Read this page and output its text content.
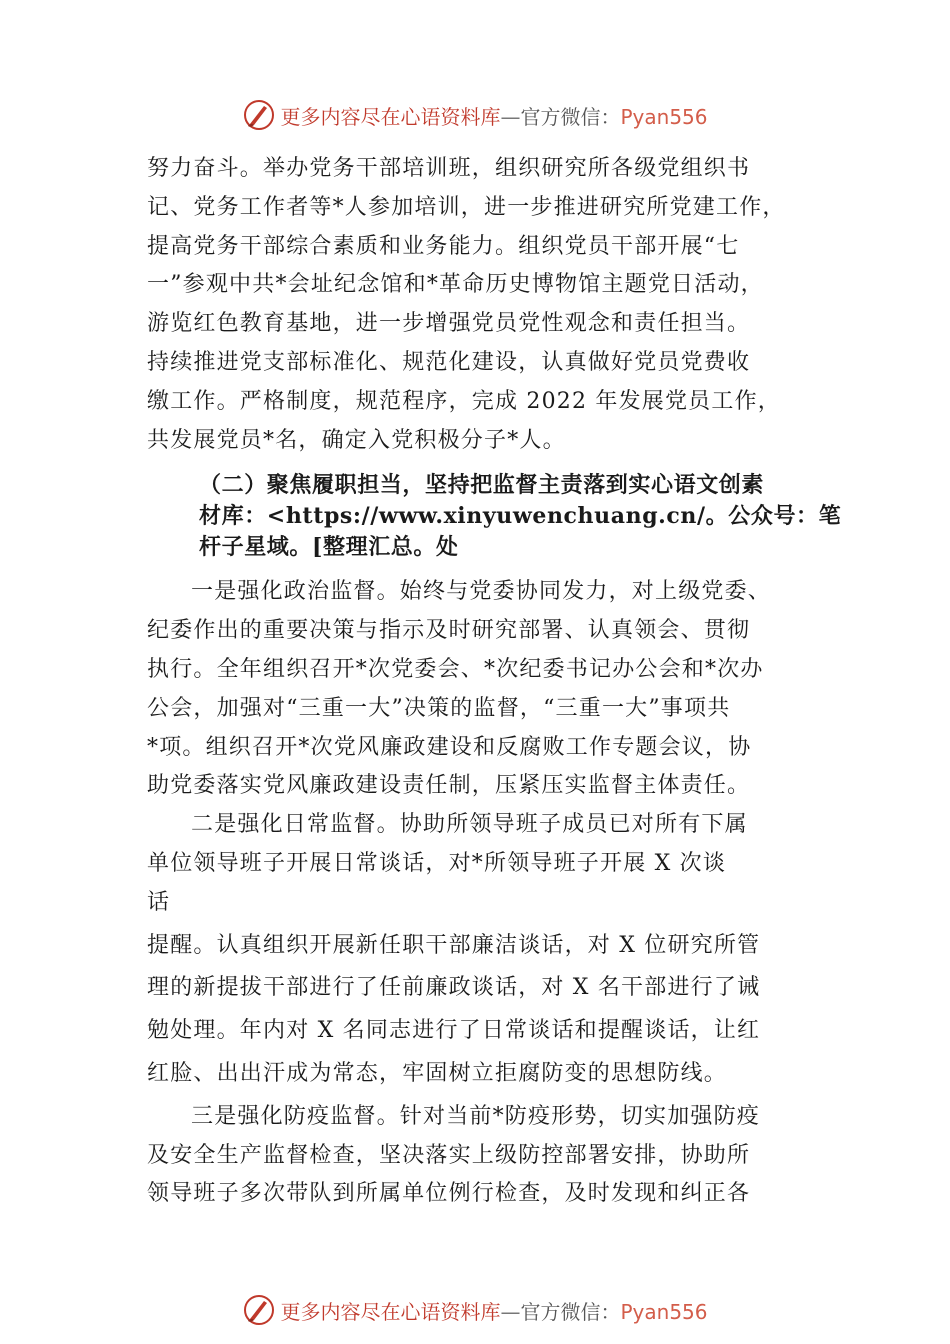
更多内容尽在心语资料库—官方微信：Pyan556
努力奋斗。举办党务干部培训班，组织研究所各级党组织书
记、党务工作者等*人参加培训，进一步推进研究所党建工作，
提高党务干部综合素质和业务能力。组织党员干部开展“七
一”参观中共*会址纪念馆和*革命历史博物馆主题党日活动，
游览红色教育基地，进一步增强党员党性观念和责任担当。
持续推进党支部标准化、规范化建设，认真做好党员党费收
缴工作。严格制度，规范程序，完成 2022 年发展党员工作，
共发展党员*名，确定入党积极分子*人。
（二）聚焦履职担当，坚持把监督主责落到实心语文创素
材库：<https://www.xinyuwenchuang.cn/。公众号：笔
杆子星域。[整理汇总。处
一是强化政治监督。始终与党委协同发力，对上级党委、
纪委作出的重要决策与指示及时研究部署、认真领会、贯彻
执行。全年组织召开*次党委会、*次纪委书记办公会和*次办
公会，加强对“三重一大”决策的监督，“三重一大”事项共
*项。组织召开*次党风廉政建设和反腐败工作专题会议，协
助党委落实党风廉政建设责任制，压紧压实监督主体责任。
二是强化日常监督。协助所领导班子成员已对所有下属
单位领导班子开展日常谈话，对*所领导班子开展 X 次谈
话
提醒。认真组织开展新任职干部廉洁谈话，对 X 位研究所管
理的新提拔干部进行了任前廉政谈话，对 X 名干部进行了诫
勉处理。年内对 X 名同志进行了日常谈话和提醒谈话，让红
红脸、出出汗成为常态，牢固树立拒腐防变的思想防线。
三是强化防疫监督。针对当前*防疫形势，切实加强防疫
及安全生产监督检查，坚决落实上级防控部署安排，协助所
领导班子多次带队到所属单位例行检查，及时发现和纠正各
更多内容尽在心语资料库—官方微信：Pyan556
